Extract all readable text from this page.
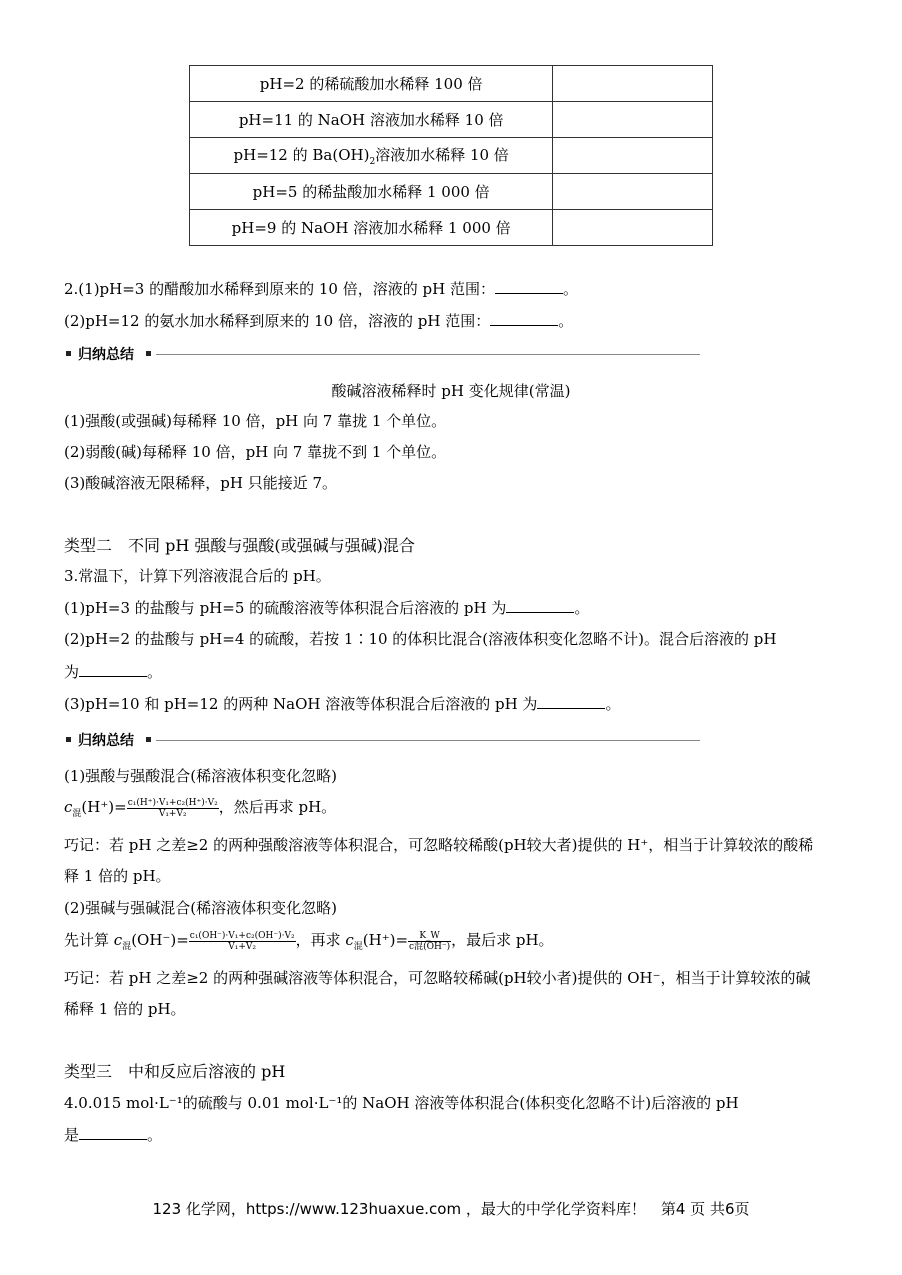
pH=2 的稀硫酸加水稀释 100 倍	
pH=11 的 NaOH 溶液加水稀释 10 倍	
pH=12 的 $Ba(OH)_2$溶液加水稀释 10 倍	
pH=5 的稀盐酸加水稀释 1 000 倍	
pH=9 的 NaOH 溶液加水稀释 1 000 倍	
2.(1)pH=3 的醋酸加水稀释到原来的 10 倍，溶液的 pH 范围：	。
(2)pH=12 的氨水加水稀释到原来的 10 倍，溶液的 pH 范围：	。
归纳总结
酸碱溶液稀释时 pH 变化规律(常温)
(1)强酸(或强碱)每稀释 10 倍，pH 向 7 靠拢 1 个单位。
(2)弱酸(碱)每稀释 10 倍，pH 向 7 靠拢不到 1 个单位。
(3)酸碱溶液无限稀释，pH 只能接近 7。
类型二　不同 pH 强酸与强酸(或强碱与强碱)混合
3.常温下，计算下列溶液混合后的 pH。
(1)pH=3 的盐酸与 pH=5 的硫酸溶液等体积混合后溶液的 pH 为	。
(2)pH=2 的盐酸与 pH=4 的硫酸，若按 1∶10 的体积比混合(溶液体积变化忽略不计)。混合后溶液的 pH
为	。
(3)pH=10 和 pH=12 的两种 NaOH 溶液等体积混合后溶液的 pH 为	。
归纳总结
(1)强酸与强酸混合(稀溶液体积变化忽略)
$c_混(H^+)= \frac{\text{c₁(H⁺)·V₁+c₂(H⁺)·V₂}}{\text{V₁+V₂}}$ ，然后再求 pH。
巧记：若 pH 之差≥2 的两种强酸溶液等体积混合，可忽略较稀酸(pH较大者)提供的 H⁺，相当于计算较浓的酸稀
释 1 倍的 pH。
(2)强碱与强碱混合(稀溶液体积变化忽略)
先计算 $c_混(OH^-)= \frac{\text{c₁(OH⁻)·V₁+c₂(OH⁻)·V₂}}{\text{V₁+V₂}}$ ，再求 $c_混(H^+)= \frac{K\_W}{\text{c混(OH⁻)}}$ ，最后求 pH。
巧记：若 pH 之差≥2 的两种强碱溶液等体积混合，可忽略较稀碱(pH较小者)提供的 OH⁻，相当于计算较浓的碱
稀释 1 倍的 pH。
类型三　中和反应后溶液的 pH
4.0.015 mol·L⁻¹的硫酸与 0.01 mol·L⁻¹的 NaOH 溶液等体积混合(体积变化忽略不计)后溶液的 pH
是	。
123 化学网，https://www.123huaxue.com ，最大的中学化学资料库！　第4 页 共6页
